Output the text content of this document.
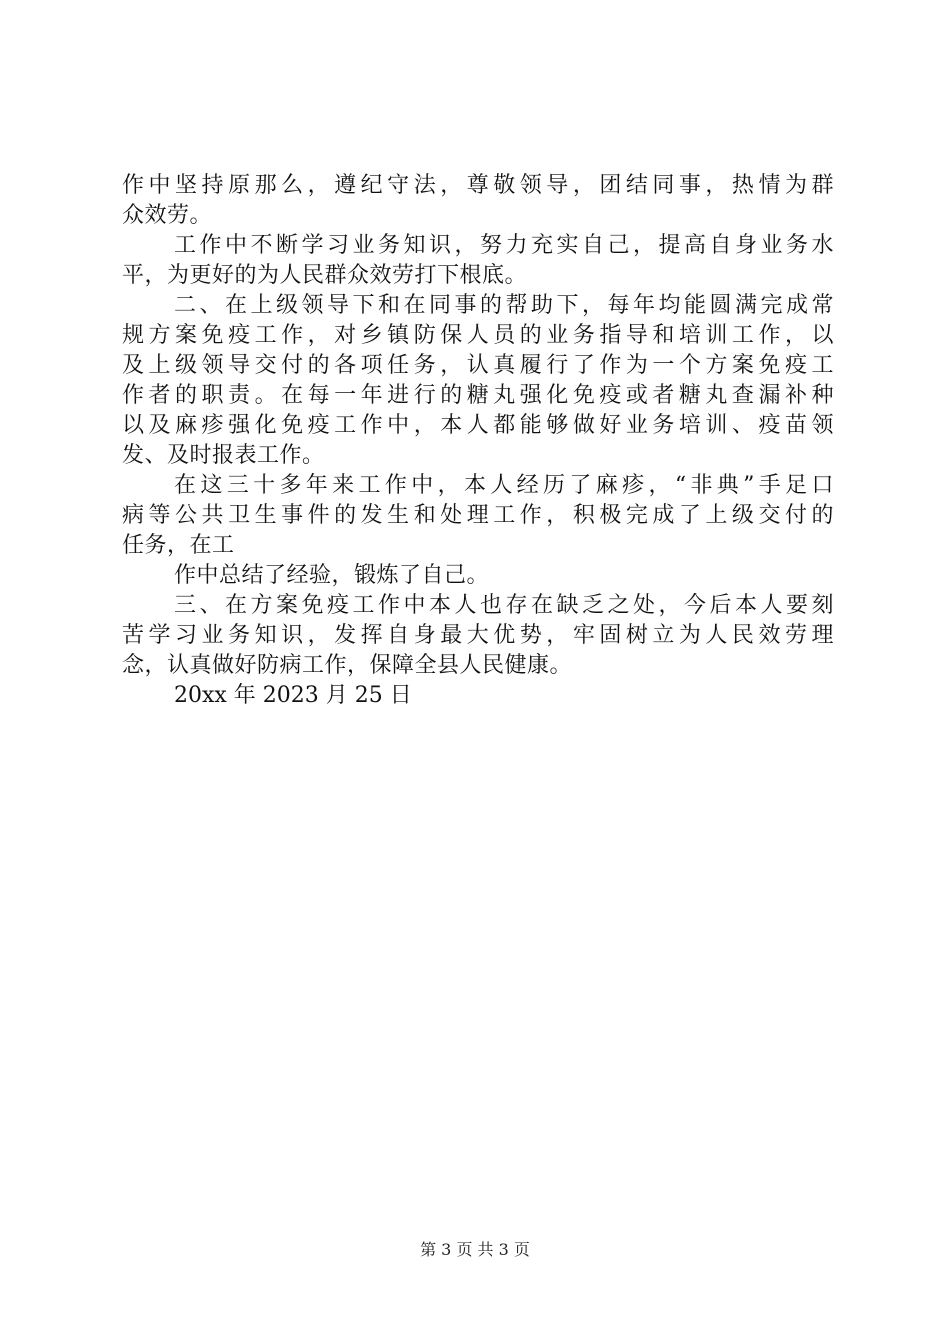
作中坚持原那么，遵纪守法，尊敬领导，团结同事，热情为群
众效劳。
工作中不断学习业务知识，努力充实自己，提高自身业务水
平，为更好的为人民群众效劳打下根底。
二、在上级领导下和在同事的帮助下，每年均能圆满完成常
规方案免疫工作，对乡镇防保人员的业务指导和培训工作，以
及上级领导交付的各项任务，认真履行了作为一个方案免疫工
作者的职责。在每一年进行的糖丸强化免疫或者糖丸查漏补种
以及麻疹强化免疫工作中，本人都能够做好业务培训、疫苗领
发、及时报表工作。
在这三十多年来工作中，本人经历了麻疹，“非典”手足口
病等公共卫生事件的发生和处理工作，积极完成了上级交付的
任务，在工
作中总结了经验，锻炼了自己。
三、在方案免疫工作中本人也存在缺乏之处，今后本人要刻
苦学习业务知识，发挥自身最大优势，牢固树立为人民效劳理
念，认真做好防病工作，保障全县人民健康。
20xx 年 2023 月 25 日
第 3 页 共 3 页
